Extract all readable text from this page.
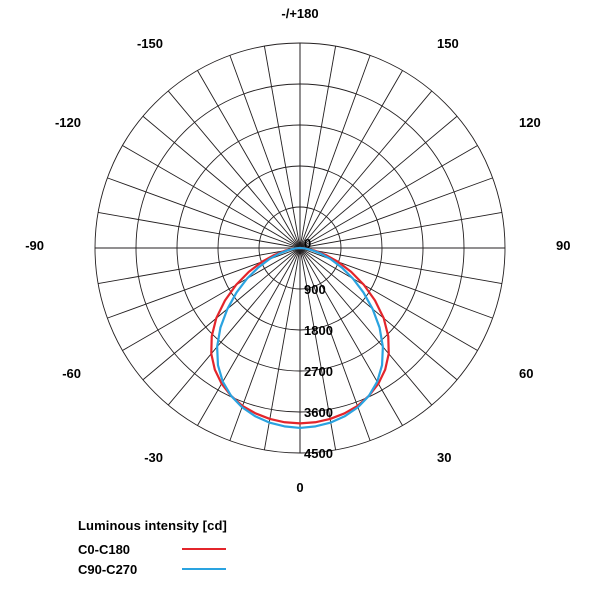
-/+180
150
120
90
60
30
0
-30
-60
-90
-120
-150
0
900
1800
2700
3600
4500
Luminous intensity [cd]
C0-C180
C90-C270
